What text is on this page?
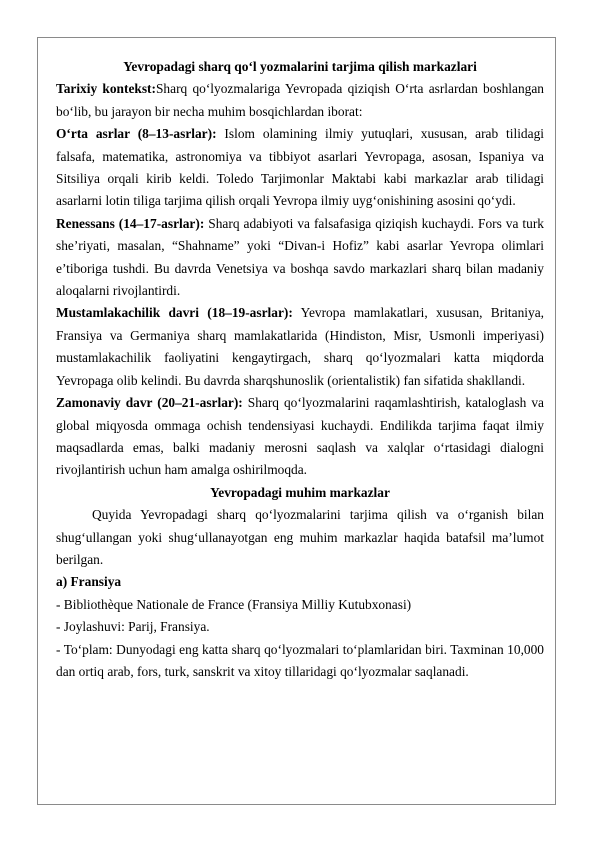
Yevropadagi sharq qo‘l yozmalarini tarjima qilish markazlari

Tarixiy kontekst:Sharq qo‘lyozmalariga Yevropada qiziqish O‘rta asrlardan boshlangan bo‘lib, bu jarayon bir necha muhim bosqichlardan iborat:

O‘rta asrlar (8–13-asrlar): Islom olamining ilmiy yutuqlari, xususan, arab tilidagi falsafa, matematika, astronomiya va tibbiyot asarlari Yevropaga, asosan, Ispaniya va Sitsiliya orqali kirib keldi. Toledo Tarjimonlar Maktabi kabi markazlar arab tilidagi asarlarni lotin tiliga tarjima qilish orqali Yevropa ilmiy uyg‘onishining asosini qo‘ydi.

Renessans (14–17-asrlar): Sharq adabiyoti va falsafasiga qiziqish kuchaydi. Fors va turk she’riyati, masalan, “Shahname” yoki “Divan-i Hofiz” kabi asarlar Yevropa olimlari e’tiboriga tushdi. Bu davrda Venetsiya va boshqa savdo markazlari sharq bilan madaniy aloqalarni rivojlantirdi.

Mustamlakachilik davri (18–19-asrlar): Yevropa mamlakatlari, xususan, Britaniya, Fransiya va Germaniya sharq mamlakatlarida (Hindiston, Misr, Usmonli imperiyasi) mustamlakachilik faoliyatini kengaytirgach, sharq qo‘lyozmalari katta miqdorda Yevropaga olib kelindi. Bu davrda sharqshunoslik (orientalistik) fan sifatida shakllandi.

Zamonaviy davr (20–21-asrlar): Sharq qo‘lyozmalarini raqamlashtirish, kataloglash va global miqyosda ommaga ochish tendensiyasi kuchaydi. Endilikda tarjima faqat ilmiy maqsadlarda emas, balki madaniy merosni saqlash va xalqlar o‘rtasidagi dialogni rivojlantirish uchun ham amalga oshirilmoqda.

Yevropadagi muhim markazlar

Quyida Yevropadagi sharq qo‘lyozmalarini tarjima qilish va o‘rganish bilan shug‘ullangan yoki shug‘ullanayotgan eng muhim markazlar haqida batafsil ma’lumot berilgan.

a) Fransiya

- Bibliothèque Nationale de France (Fransiya Milliy Kutubxonasi)

- Joylashuvi: Parij, Fransiya.

- To‘plam: Dunyodagi eng katta sharq qo‘lyozmalari to‘plamlaridan biri. Taxminan 10,000 dan ortiq arab, fors, turk, sanskrit va xitoy tillaridagi qo‘lyozmalar saqlanadi.
